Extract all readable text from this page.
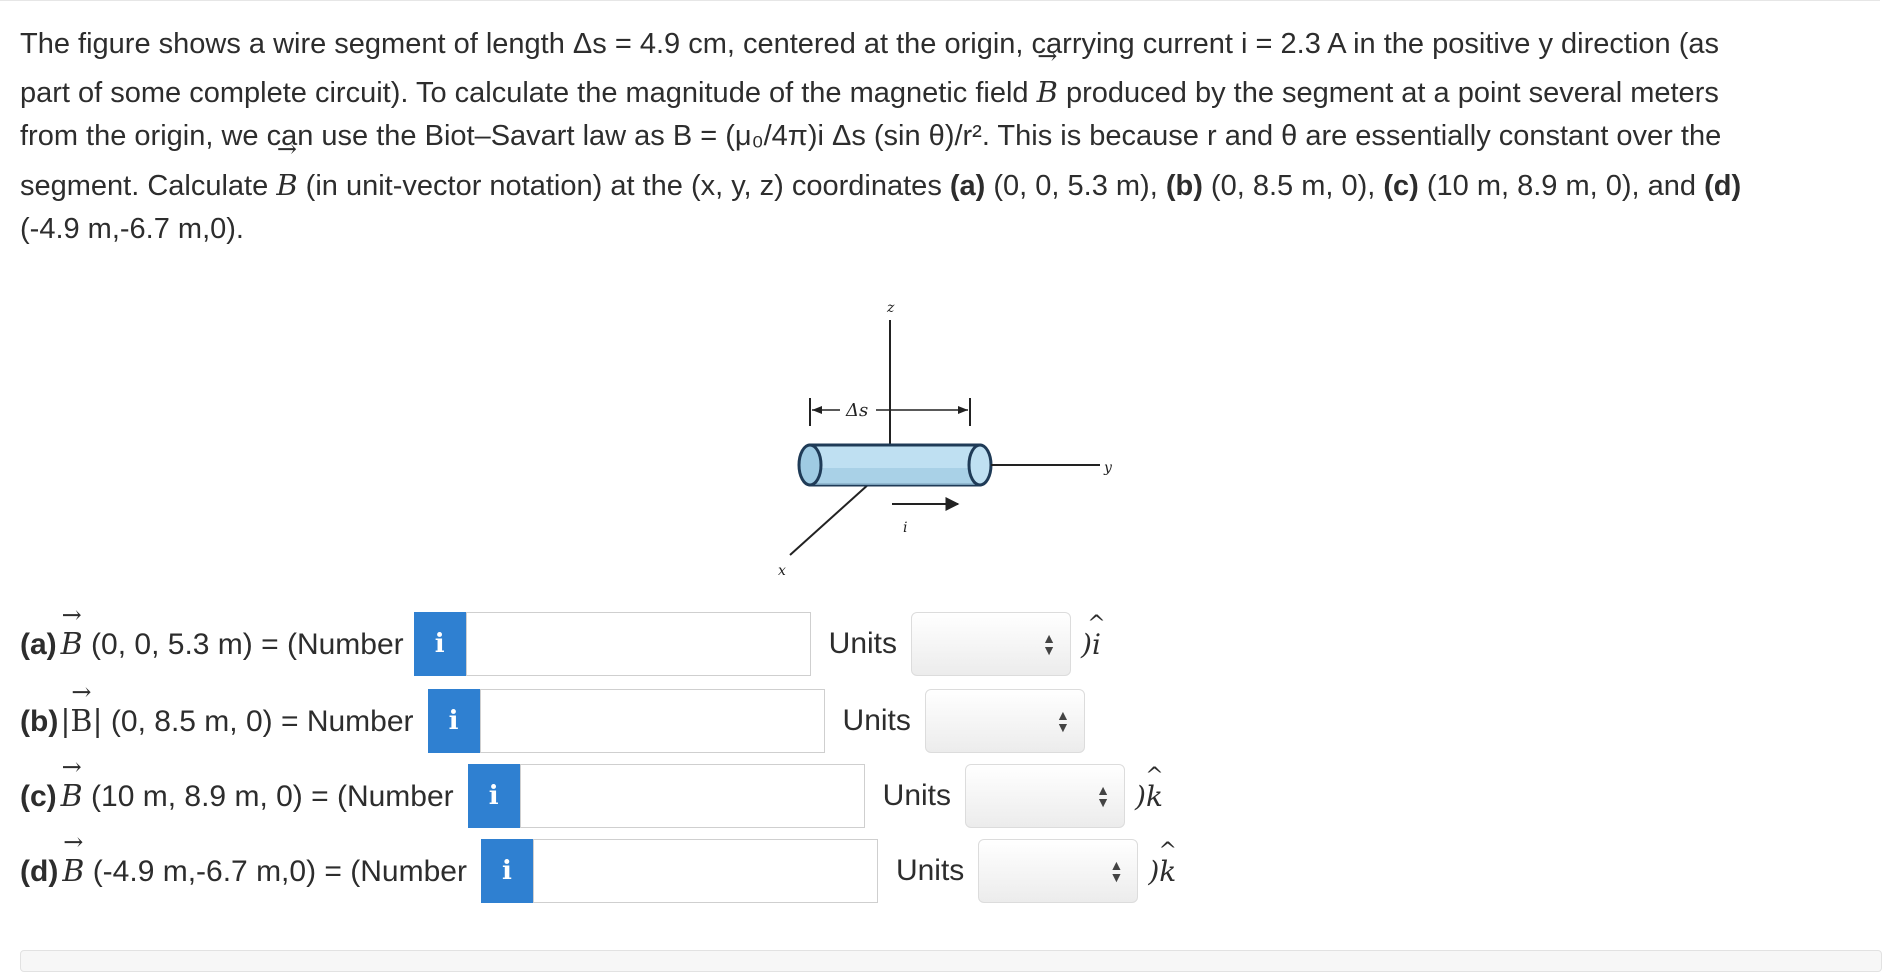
The figure shows a wire segment of length Δs = 4.9 cm, centered at the origin, carrying current i = 2.3 A in the positive y direction (as
part of some complete circuit). To calculate the magnitude of the magnetic field → B produced by the segment at a point several meters
from the origin, we can use the Biot–Savart law as B = (μ₀/4π)i Δs (sin θ)/r². This is because r and θ are essentially constant over the
segment. Calculate → B (in unit-vector notation) at the (x, y, z) coordinates (a) (0, 0, 5.3 m), (b) (0, 8.5 m, 0), (c) (10 m, 8.9 m, 0), and (d)
(-4.9 m,-6.7 m,0).
z
Δs
x
y
i
(a) → B (0, 0, 5.3 m) = (Number	i	Units	▲
▼ )^ i
(b)→ |B| (0, 8.5 m, 0) = Number	i	Units	▲
▼
(c) → B (10 m, 8.9 m, 0) = (Number	i	Units	▲
▼ )^ k
(d) → B (-4.9 m,-6.7 m,0) = (Number	i	Units	▲
▼ )^ k
